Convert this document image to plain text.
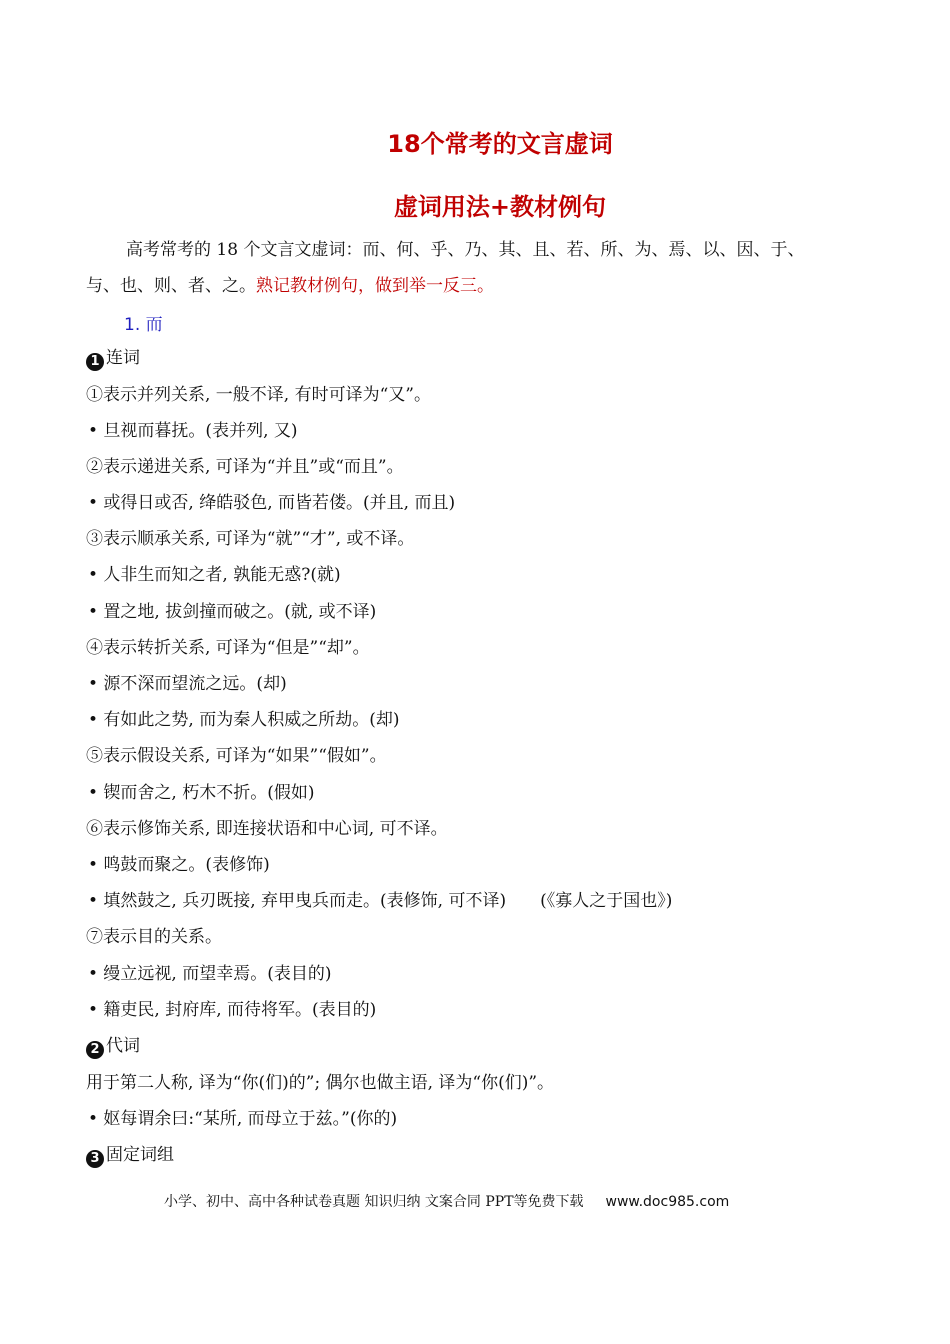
18个常考的文言虚词
虚词用法+教材例句
高考常考的 18 个文言文虚词：而、何、乎、乃、其、且、若、所、为、焉、以、因、于、
与、也、则、者、之。熟记教材例句，做到举一反三。
1. 而
1 连词
①表示并列关系, 一般不译, 有时可译为“又”。
• 旦视而暮抚。(表并列, 又)
②表示递进关系, 可译为“并且”或“而且”。
• 或得日或否, 绛皓驳色, 而皆若偻。(并且, 而且)
③表示顺承关系, 可译为“就”“才”, 或不译。
• 人非生而知之者, 孰能无惑?(就)
• 置之地, 拔剑撞而破之。(就, 或不译)
④表示转折关系, 可译为“但是”“却”。
• 源不深而望流之远。(却)
• 有如此之势, 而为秦人积威之所劫。(却)
⑤表示假设关系, 可译为“如果”“假如”。
• 锲而舍之, 朽木不折。(假如)
⑥表示修饰关系, 即连接状语和中心词, 可不译。
• 鸣鼓而聚之。(表修饰)
• 填然鼓之, 兵刃既接, 弃甲曳兵而走。(表修饰, 可不译)　　(《寡人之于国也》)
⑦表示目的关系。
• 缦立远视, 而望幸焉。(表目的)
• 籍吏民, 封府库, 而待将军。(表目的)
2 代词
用于第二人称, 译为“你(们)的”; 偶尔也做主语, 译为“你(们)”。
• 妪每谓余曰:“某所, 而母立于兹。”(你的)
3 固定词组
小学、初中、高中各种试卷真题 知识归纳 文案合同 PPT等免费下载 www.doc985.com
